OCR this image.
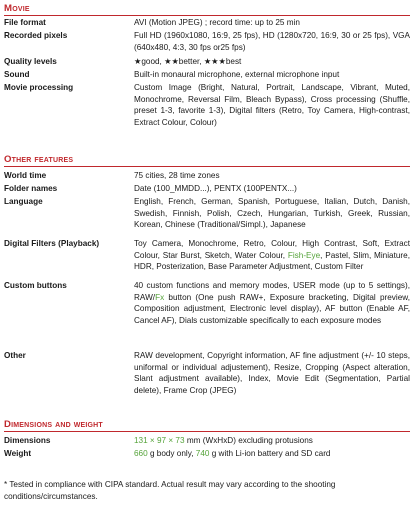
Movie
File format	AVI (Motion JPEG) ; record time: up to 25 min
Recorded pixels	Full HD (1960x1080, 16:9, 25 fps), HD (1280x720, 16:9, 30 or 25 fps), VGA (640x480, 4:3, 30 fps or25 fps)
Quality levels	★good, ★★better, ★★★best
Sound	Built-in monaural microphone, external microphone input
Movie processing	Custom Image (Bright, Natural, Portrait, Landscape, Vibrant, Muted, Monochrome, Reversal Film, Bleach Bypass), Cross processing (Shuffle, preset 1-3, favorite 1-3), Digital filters (Retro, Toy Camera, High-contrast, Extract Colour, Colour)
Other features
World time	75 cities, 28 time zones
Folder names	Date (100_MMDD...), PENTX (100PENTX...)
Language	English, French, German, Spanish, Portuguese, Italian, Dutch, Danish, Swedish, Finnish, Polish, Czech, Hungarian, Turkish, Greek, Russian, Korean, Chinese (Traditional/Simpl.), Japanese
Digital Filters (Playback)	Toy Camera, Monochrome, Retro, Colour, High Contrast, Soft, Extract Colour, Star Burst, Sketch, Water Colour, Fish-Eye, Pastel, Slim, Miniature, HDR, Posterization, Base Parameter Adjustment, Custom Filter
Custom buttons	40 custom functions and memory modes, USER mode (up to 5 settings), RAW/Fx button (One push RAW+, Exposure bracketing, Digital preview, Composition adjustment, Electronic level display), AF button (Enable AF, Cancel AF), Dials customizable specifically to each exposure modes
Other	RAW development, Copyright information, AF fine adjustment (+/- 10 steps, uniformal or individual adjustement), Resize, Cropping (Aspect alteration, Slant adjustment available), Index, Movie Edit (Segmentation, Partial delete), Frame Crop (JPEG)
Dimensions and weight
Dimensions	131 × 97 × 73 mm (WxHxD) excluding protusions
Weight	660 g body only, 740 g with Li-ion battery and SD card
* Tested in compliance with CIPA standard. Actual result may vary according to the shooting conditions/circumstances.
